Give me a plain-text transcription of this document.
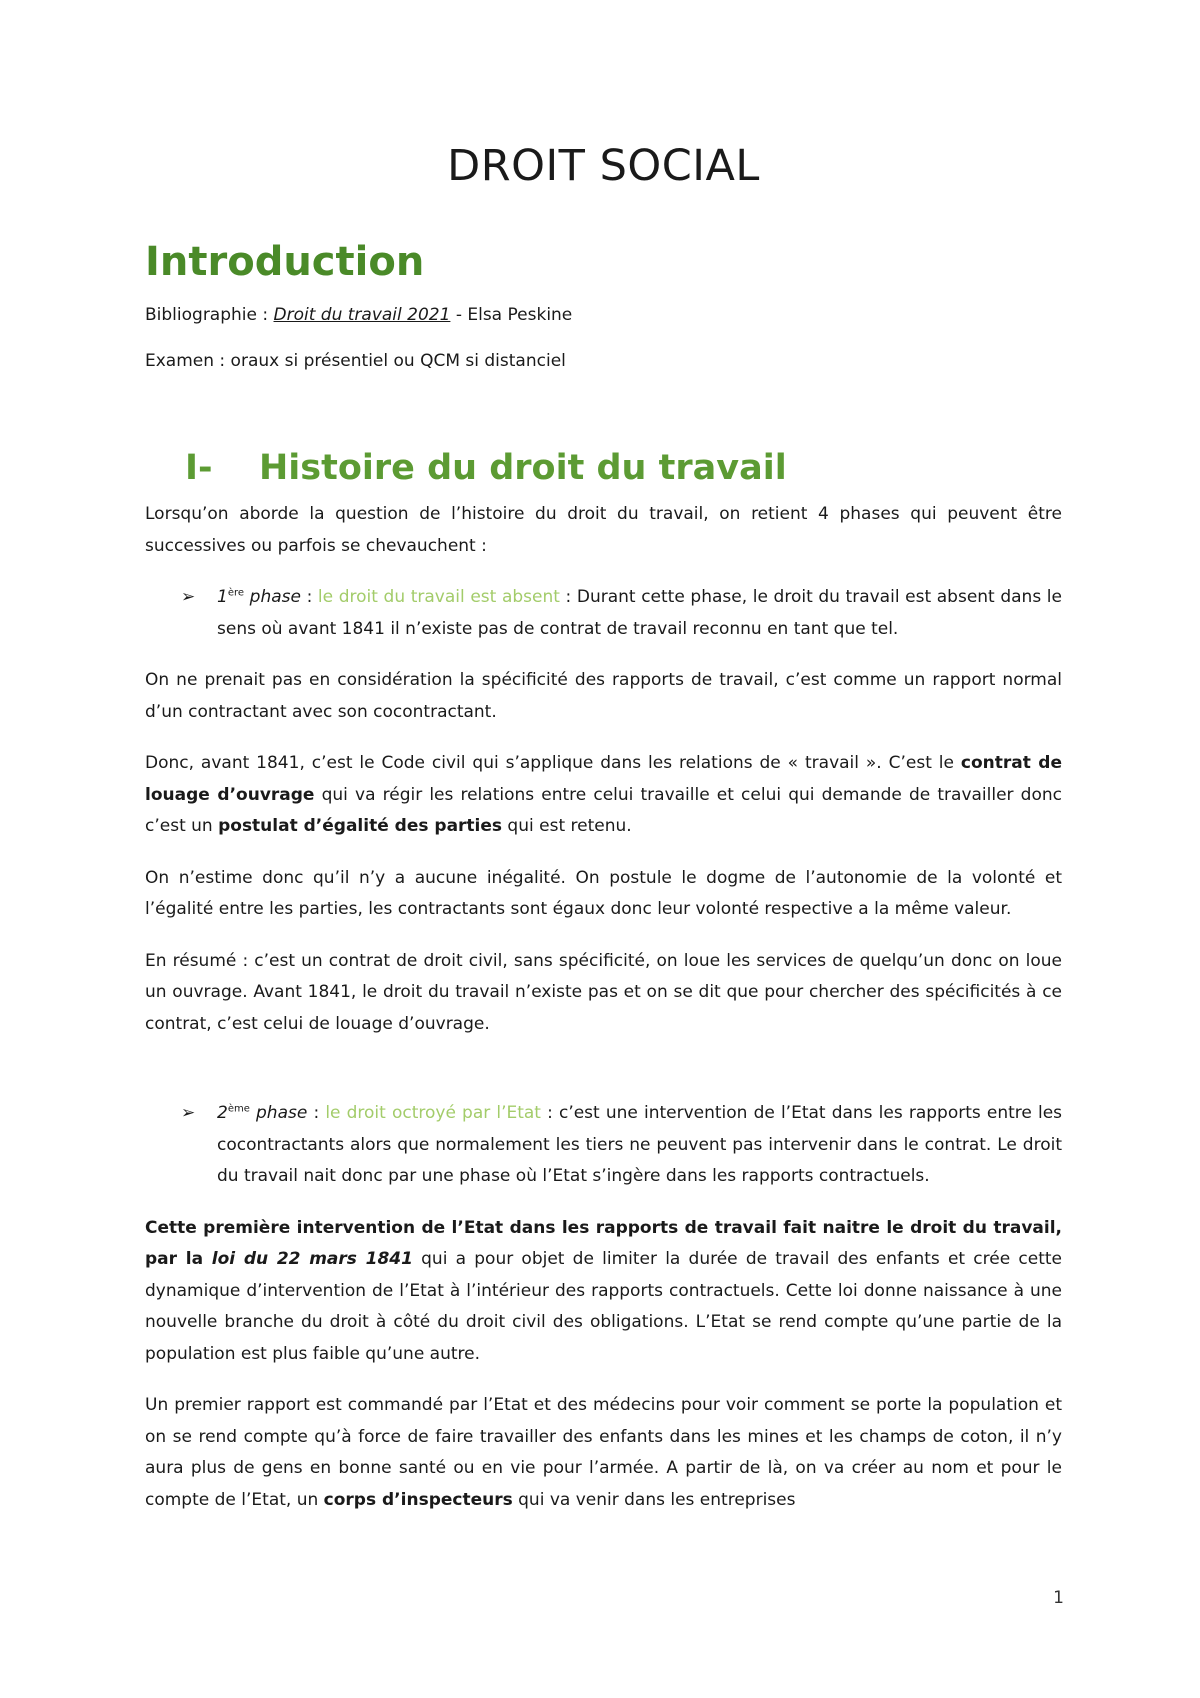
DROIT SOCIAL
Introduction

Bibliographie : Droit du travail 2021 - Elsa Peskine

Examen : oraux si présentiel ou QCM si distanciel

I-	Histoire du droit du travail

Lorsqu’on aborde la question de l’histoire du droit du travail, on retient 4 phases qui peuvent être successives ou parfois se chevauchent :

➢	1ère phase : le droit du travail est absent : Durant cette phase, le droit du travail est absent dans le sens où avant 1841 il n’existe pas de contrat de travail reconnu en tant que tel.

On ne prenait pas en considération la spécificité des rapports de travail, c’est comme un rapport normal d’un contractant avec son cocontractant.

Donc, avant 1841, c’est le Code civil qui s’applique dans les relations de « travail ». C’est le contrat de louage d’ouvrage qui va régir les relations entre celui travaille et celui qui demande de travailler donc c’est un postulat d’égalité des parties qui est retenu.

On n’estime donc qu’il n’y a aucune inégalité. On postule le dogme de l’autonomie de la volonté et l’égalité entre les parties, les contractants sont égaux donc leur volonté respective a la même valeur.

En résumé : c’est un contrat de droit civil, sans spécificité, on loue les services de quelqu’un donc on loue un ouvrage. Avant 1841, le droit du travail n’existe pas et on se dit que pour chercher des spécificités à ce contrat, c’est celui de louage d’ouvrage.

➢	2ème phase : le droit octroyé par l’Etat : c’est une intervention de l’Etat dans les rapports entre les cocontractants alors que normalement les tiers ne peuvent pas intervenir dans le contrat. Le droit du travail nait donc par une phase où l’Etat s’ingère dans les rapports contractuels.

Cette première intervention de l’Etat dans les rapports de travail fait naitre le droit du travail, par la loi du 22 mars 1841 qui a pour objet de limiter la durée de travail des enfants et crée cette dynamique d’intervention de l’Etat à l’intérieur des rapports contractuels. Cette loi donne naissance à une nouvelle branche du droit à côté du droit civil des obligations. L’Etat se rend compte qu’une partie de la population est plus faible qu’une autre.

Un premier rapport est commandé par l’Etat et des médecins pour voir comment se porte la population et on se rend compte qu’à force de faire travailler des enfants dans les mines et les champs de coton, il n’y aura plus de gens en bonne santé ou en vie pour l’armée. A partir de là, on va créer au nom et pour le compte de l’Etat, un corps d’inspecteurs qui va venir dans les entreprises

1
